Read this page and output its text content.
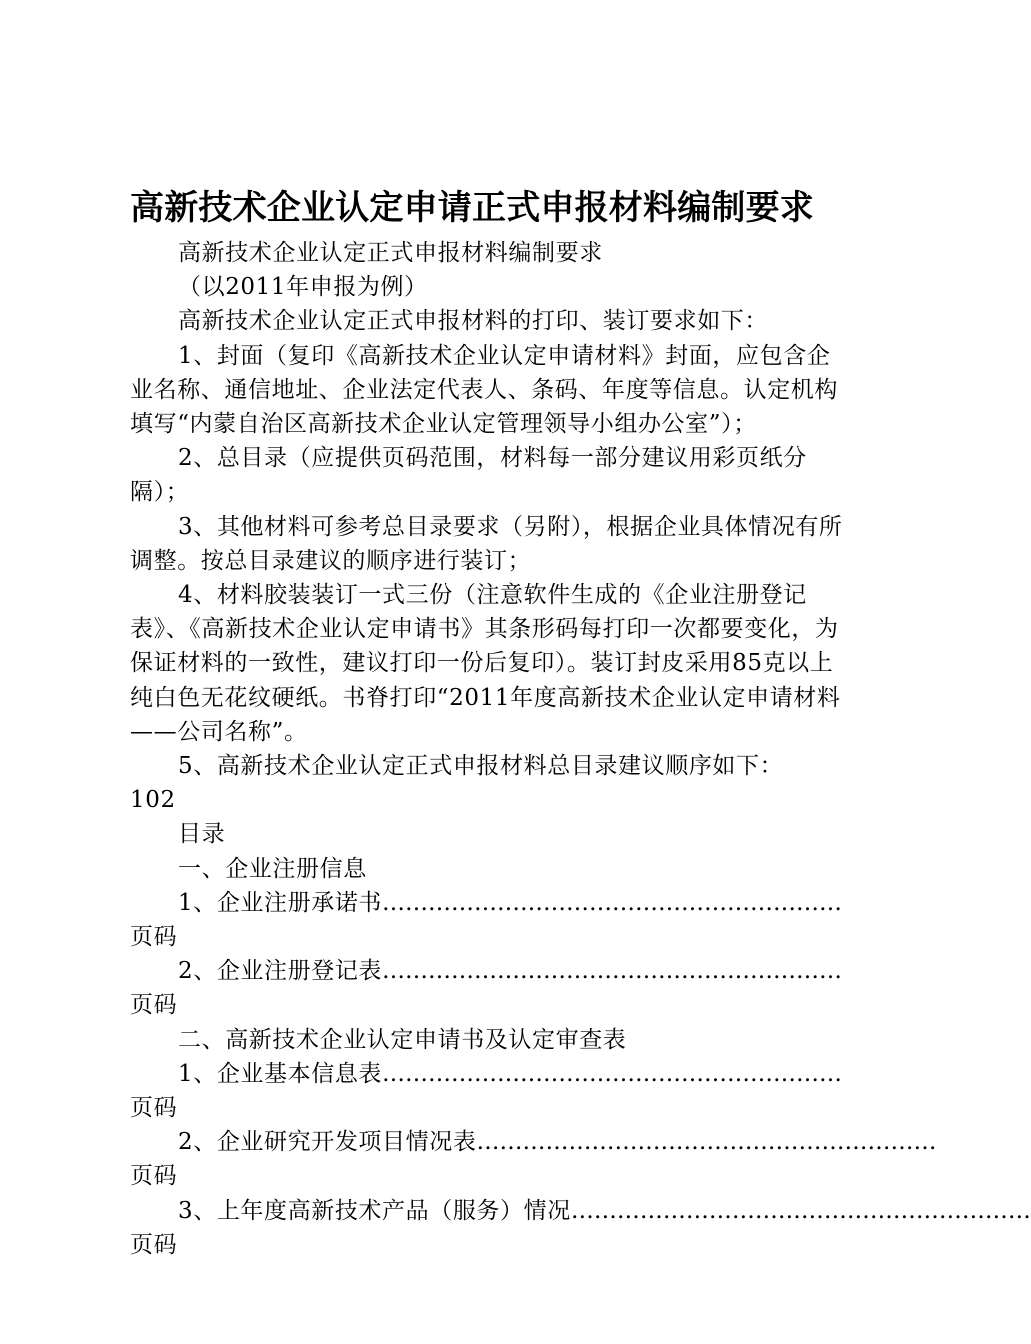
高新技术企业认定申请正式申报材料编制要求

高新技术企业认定正式申报材料编制要求

（以2011年申报为例）

高新技术企业认定正式申报材料的打印、装订要求如下：

1、封面（复印《高新技术企业认定申请材料》封面，应包含企业名称、通信地址、企业法定代表人、条码、年度等信息。认定机构填写“内蒙自治区高新技术企业认定管理领导小组办公室”）；

2、总目录（应提供页码范围，材料每一部分建议用彩页纸分隔）；

3、其他材料可参考总目录要求（另附），根据企业具体情况有所调整。按总目录建议的顺序进行装订；

4、材料胶装装订一式三份（注意软件生成的《企业注册登记表》、《高新技术企业认定申请书》其条形码每打印一次都要变化，为保证材料的一致性，建议打印一份后复印）。装订封皮采用85克以上纯白色无花纹硬纸。书脊打印“2011年度高新技术企业认定申请材料——公司名称”。

5、高新技术企业认定正式申报材料总目录建议顺序如下：

102

目录

一、企业注册信息

1、企业注册承诺书 ……………………………………………………

页码

2、企业注册登记表 ……………………………………………………

页码

二、高新技术企业认定申请书及认定审查表

1、企业基本信息表 ……………………………………………………

页码

2、企业研究开发项目情况表 ……………………………………………………

页码

3、上年度高新技术产品（服务）情况 ……………………………………………………

页码
